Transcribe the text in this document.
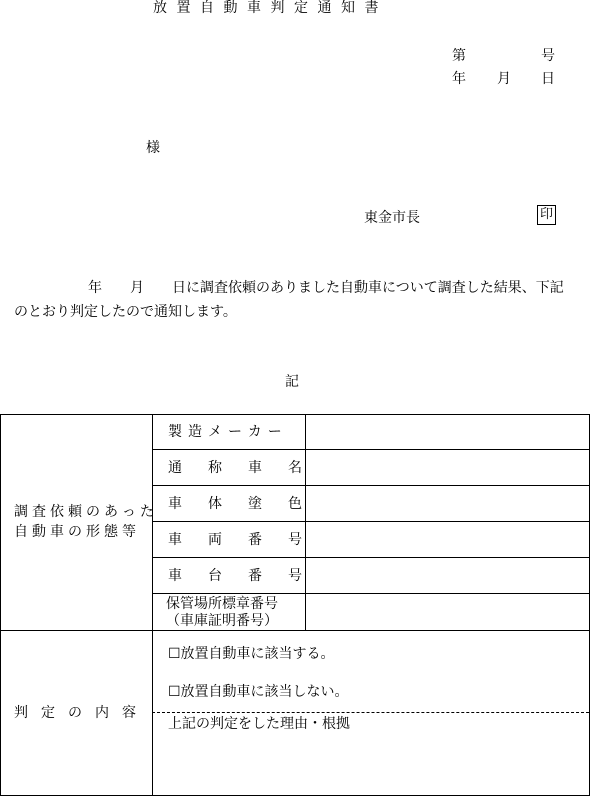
放置自動車判定通知書
第	号
年 月 日
様
東金市長	印
年　　月　　日に調査依頼のありました自動車について調査した結果、下記
のとおり判定したので通知します。
記
調査依頼のあった
自動車の形態等
製造メーカー
通称車名
車体塗色
車両番号
車台番号
保管場所標章番号
（車庫証明番号）
判定の内容
☐放置自動車に該当する。
☐放置自動車に該当しない。
上記の判定をした理由・根拠
